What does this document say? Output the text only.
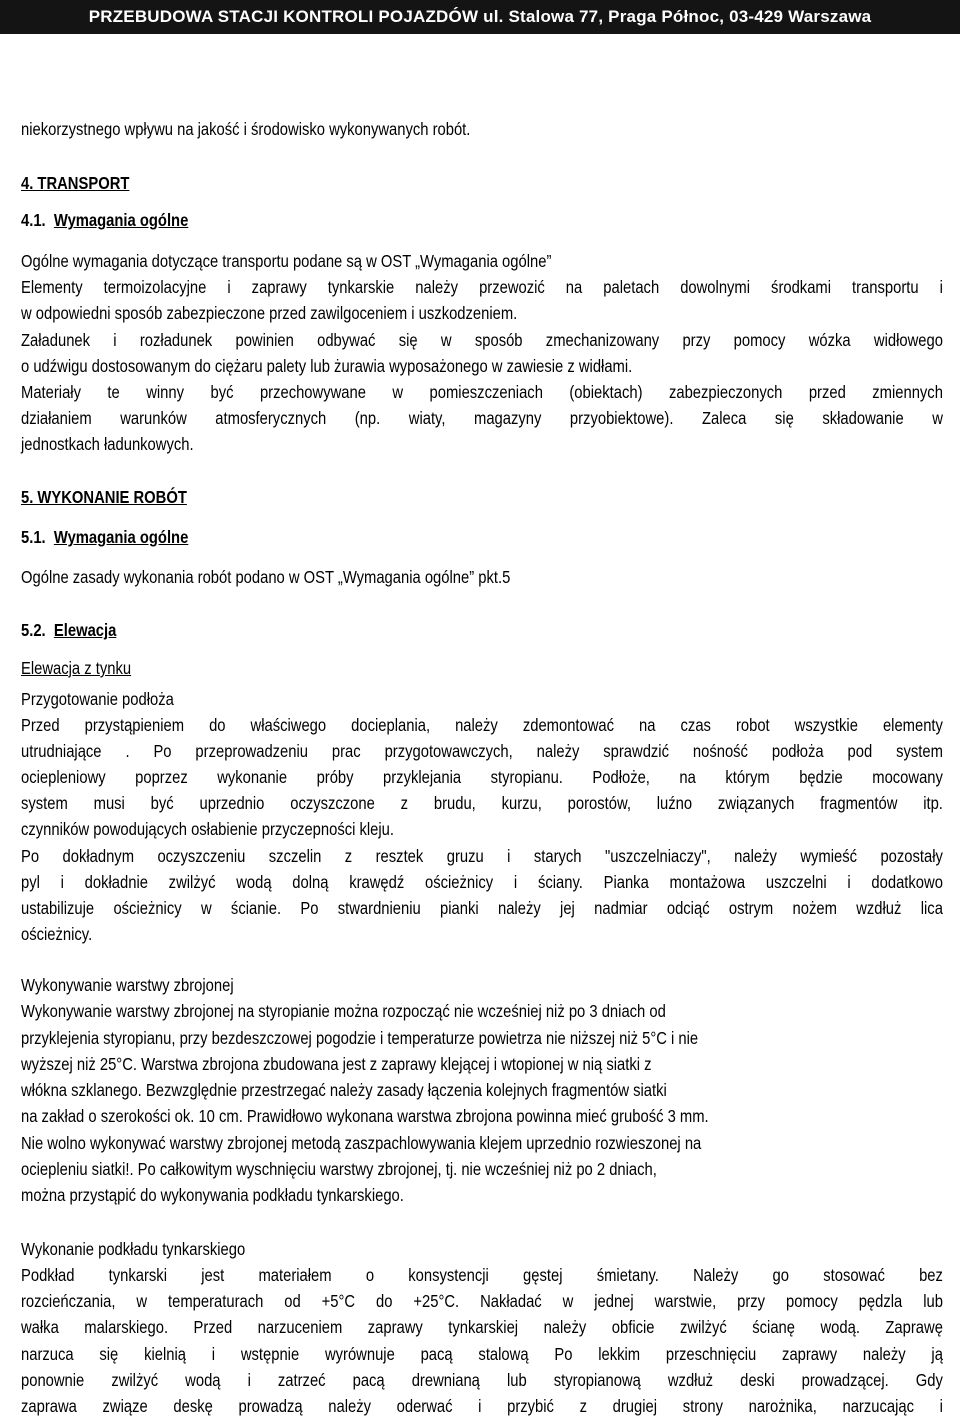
PRZEBUDOWA STACJI KONTROLI POJAZDÓW ul. Stalowa 77, Praga Północ, 03-429 Warszawa
niekorzystnego wpływu na jakość i środowisko wykonywanych robót.
4. TRANSPORT
4.1. Wymagania ogólne
Ogólne wymagania dotyczące transportu podane są w OST „Wymagania ogólne”
Elementy termoizolacyjne i zaprawy tynkarskie należy przewozić na paletach dowolnymi środkami transportu i
w odpowiedni sposób zabezpieczone przed zawilgoceniem i uszkodzeniem.
Załadunek i rozładunek powinien odbywać się w sposób zmechanizowany przy pomocy wózka widłowego
o udźwigu dostosowanym do ciężaru palety lub żurawia wyposażonego w zawiesie z widłami.
Materiały te winny być przechowywane w pomieszczeniach (obiektach) zabezpieczonych przed zmiennych
działaniem warunków atmosferycznych (np. wiaty, magazyny przyobiektowe). Zaleca się składowanie w
jednostkach ładunkowych.
5. WYKONANIE ROBÓT
5.1. Wymagania ogólne
Ogólne zasady wykonania robót podano w OST „Wymagania ogólne” pkt.5
5.2. Elewacja
Elewacja z tynku
Przygotowanie podłoża
Przed przystąpieniem do właściwego docieplania, należy zdemontować na czas robot wszystkie elementy
utrudniające . Po przeprowadzeniu prac przygotowawczych, należy sprawdzić nośność podłoża pod system
ociepleniowy poprzez wykonanie próby przyklejania styropianu. Podłoże, na którym będzie mocowany
system musi być uprzednio oczyszczone z brudu, kurzu, porostów, luźno związanych fragmentów itp.
czynników powodujących osłabienie przyczepności kleju.
Po dokładnym oczyszczeniu szczelin z resztek gruzu i starych "uszczelniaczy", należy wymieść pozostały
pyl i dokładnie zwilżyć wodą dolną krawędź ościeżnicy i ściany. Pianka montażowa uszczelni i dodatkowo
ustabilizuje ościeżnicy w ścianie. Po stwardnieniu pianki należy jej nadmiar odciąć ostrym nożem wzdłuż lica
ościeżnicy.
Wykonywanie warstwy zbrojonej
Wykonywanie warstwy zbrojonej na styropianie można rozpocząć nie wcześniej niż po 3 dniach od
przyklejenia styropianu, przy bezdeszczowej pogodzie i temperaturze powietrza nie niższej niż 5°C i nie
wyższej niż 25°C. Warstwa zbrojona zbudowana jest z zaprawy klejącej i wtopionej w nią siatki z
włókna szklanego. Bezwzględnie przestrzegać należy zasady łączenia kolejnych fragmentów siatki
na zakład o szerokości ok. 10 cm. Prawidłowo wykonana warstwa zbrojona powinna mieć grubość 3 mm.
Nie wolno wykonywać warstwy zbrojonej metodą zaszpachlowywania klejem uprzednio rozwieszonej na
ociepleniu siatki!. Po całkowitym wyschnięciu warstwy zbrojonej, tj. nie wcześniej niż po 2 dniach,
można przystąpić do wykonywania podkładu tynkarskiego.
Wykonanie podkładu tynkarskiego
Podkład tynkarski jest materiałem o konsystencji gęstej śmietany. Należy go stosować bez
rozcieńczania, w temperaturach od +5°C do +25°C. Nakładać w jednej warstwie, przy pomocy pędzla lub
wałka malarskiego. Przed narzuceniem zaprawy tynkarskiej należy obficie zwilżyć ścianę wodą. Zaprawę
narzuca się kielnią i wstępnie wyrównuje pacą stalową Po lekkim przeschnięciu zaprawy należy ją
ponownie zwilżyć wodą i zatrzeć pacą drewnianą lub styropianową wzdłuż deski prowadzącej. Gdy
zaprawa związe deskę prowadzą należy oderwać i przybić z drugiej strony narożnika, narzucając i
